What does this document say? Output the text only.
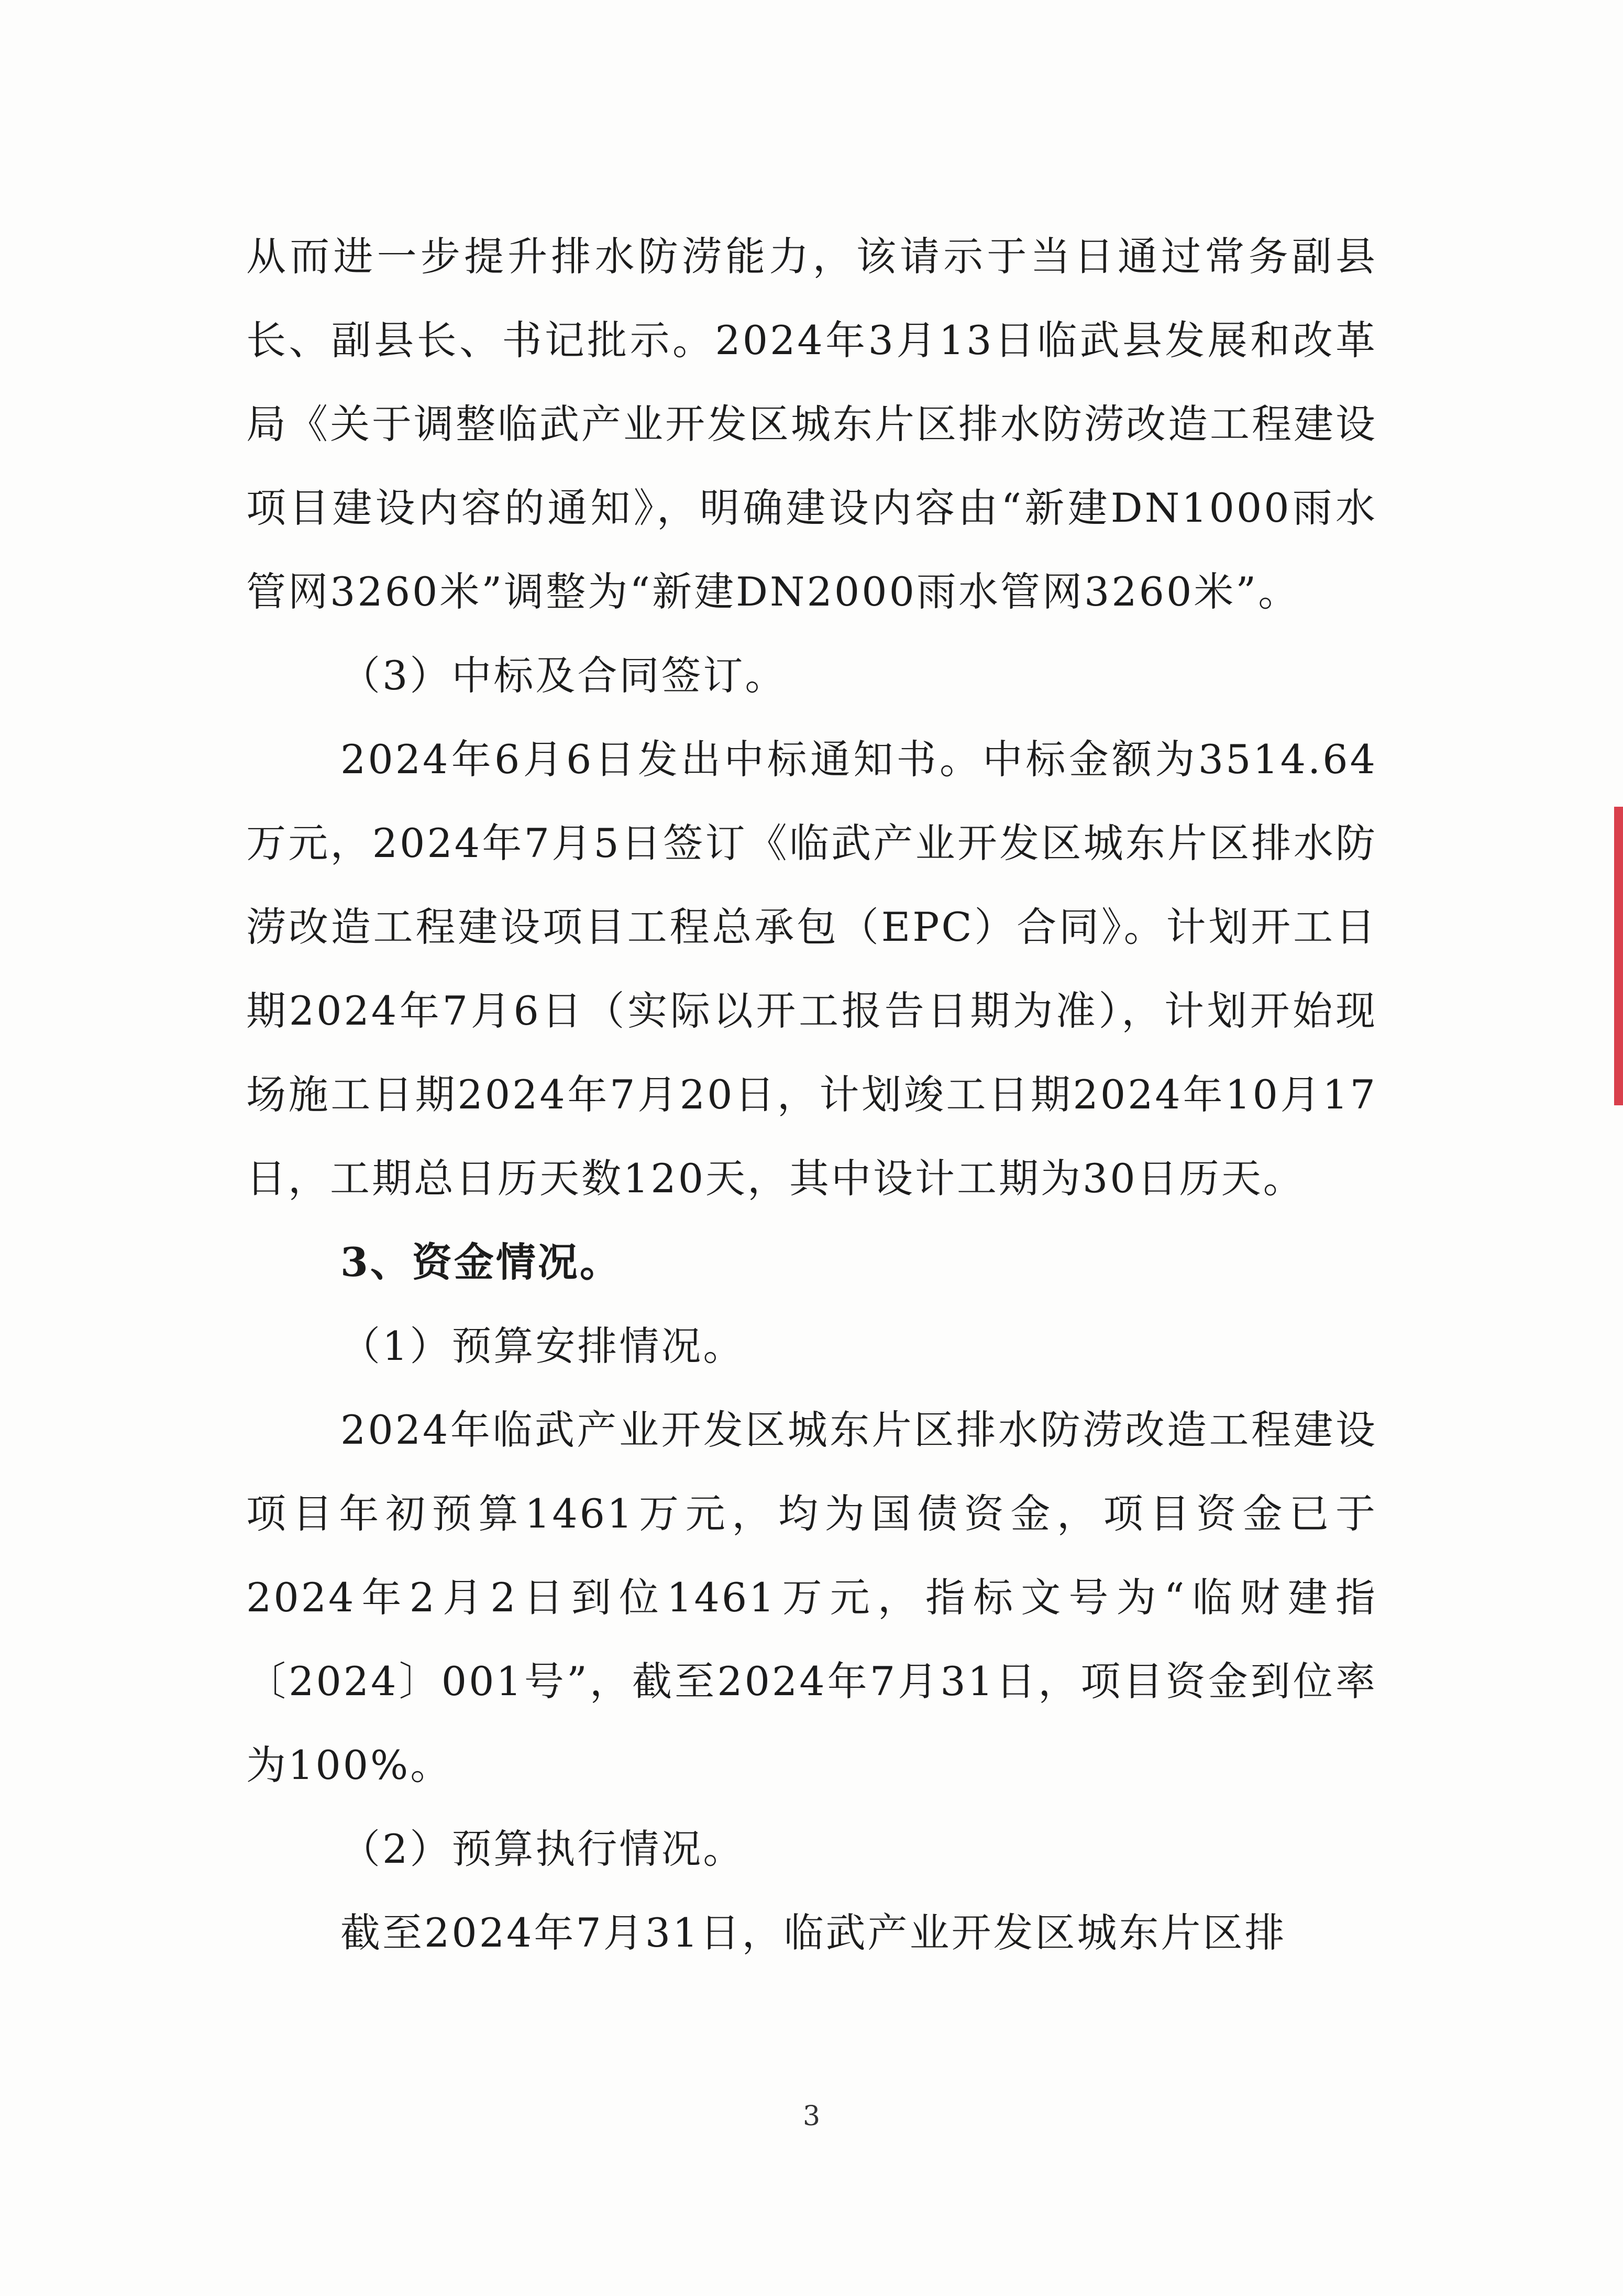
从而进一步提升排水防涝能力，该请示于当日通过常务副县长、副县长、书记批示。2024年3月13日临武县发展和改革局《关于调整临武产业开发区城东片区排水防涝改造工程建设项目建设内容的通知》，明确建设内容由“新建DN1000雨水管网3260米”调整为“新建DN2000雨水管网3260米”。

（3）中标及合同签订。

2024年6月6日发出中标通知书。中标金额为3514.64万元，2024年7月5日签订《临武产业开发区城东片区排水防涝改造工程建设项目工程总承包（EPC）合同》。计划开工日期2024年7月6日（实际以开工报告日期为准），计划开始现场施工日期2024年7月20日，计划竣工日期2024年10月17日，工期总日历天数120天，其中设计工期为30日历天。

3、资金情况。

（1）预算安排情况。

2024年临武产业开发区城东片区排水防涝改造工程建设项目年初预算1461万元，均为国债资金，项目资金已于2024年2月2日到位1461万元，指标文号为“临财建指〔2024〕001号”，截至2024年7月31日，项目资金到位率为100%。

（2）预算执行情况。

截至2024年7月31日，临武产业开发区城东片区排

3
